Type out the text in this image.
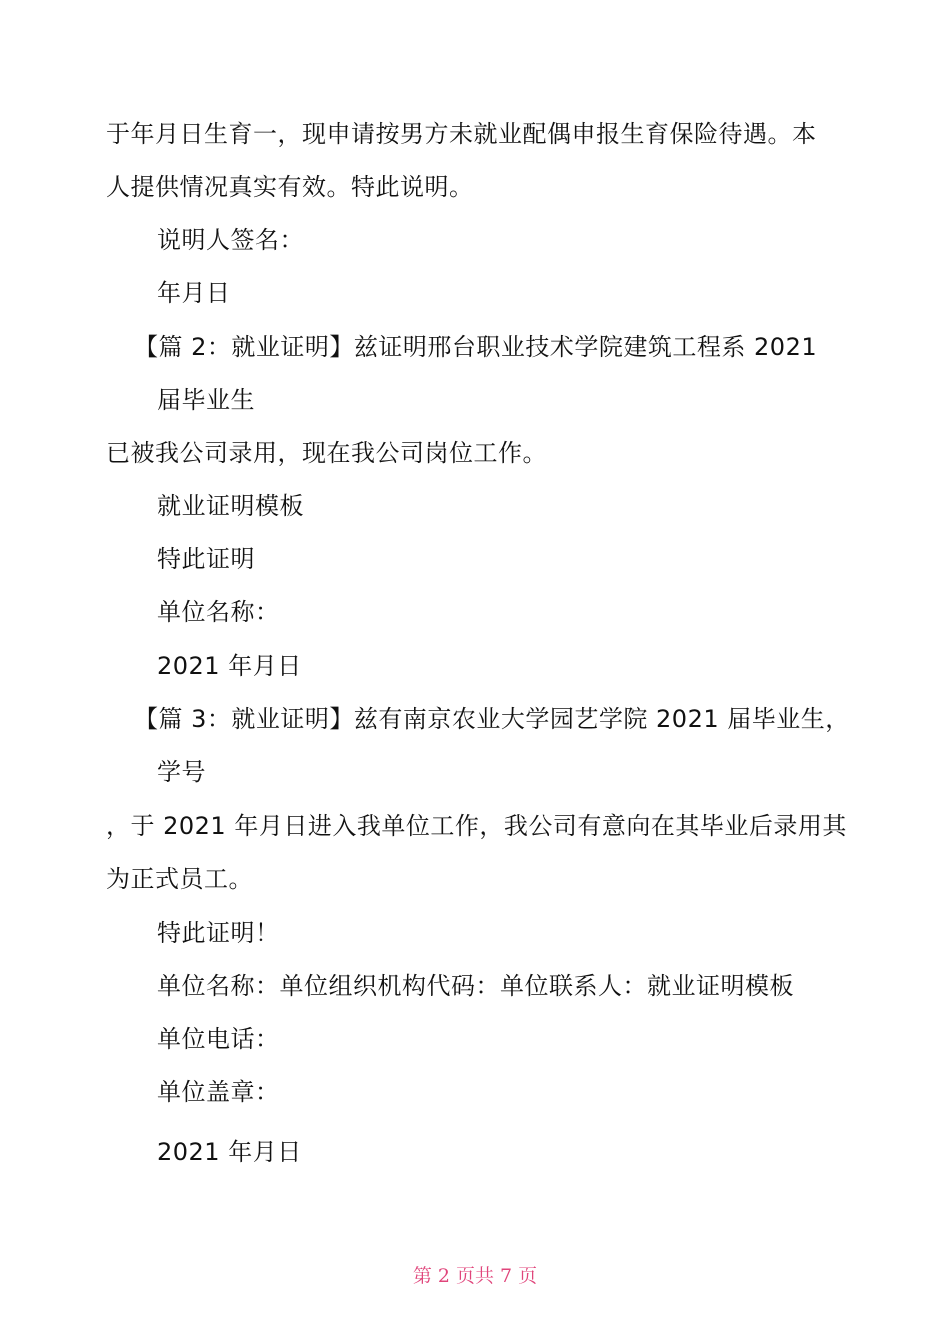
于年月日生育一，现申请按男方未就业配偶申报生育保险待遇。本
人提供情况真实有效。特此说明。
说明人签名：
年月日
【篇 2：就业证明】兹证明邢台职业技术学院建筑工程系 2021
届毕业生
已被我公司录用，现在我公司岗位工作。
就业证明模板
特此证明
单位名称：
2021 年月日
【篇 3：就业证明】兹有南京农业大学园艺学院 2021 届毕业生，
学号
，于 2021 年月日进入我单位工作，我公司有意向在其毕业后录用其
为正式员工。
特此证明！
单位名称：单位组织机构代码：单位联系人：就业证明模板
单位电话：
单位盖章：
2021 年月日
第 2 页共 7 页
